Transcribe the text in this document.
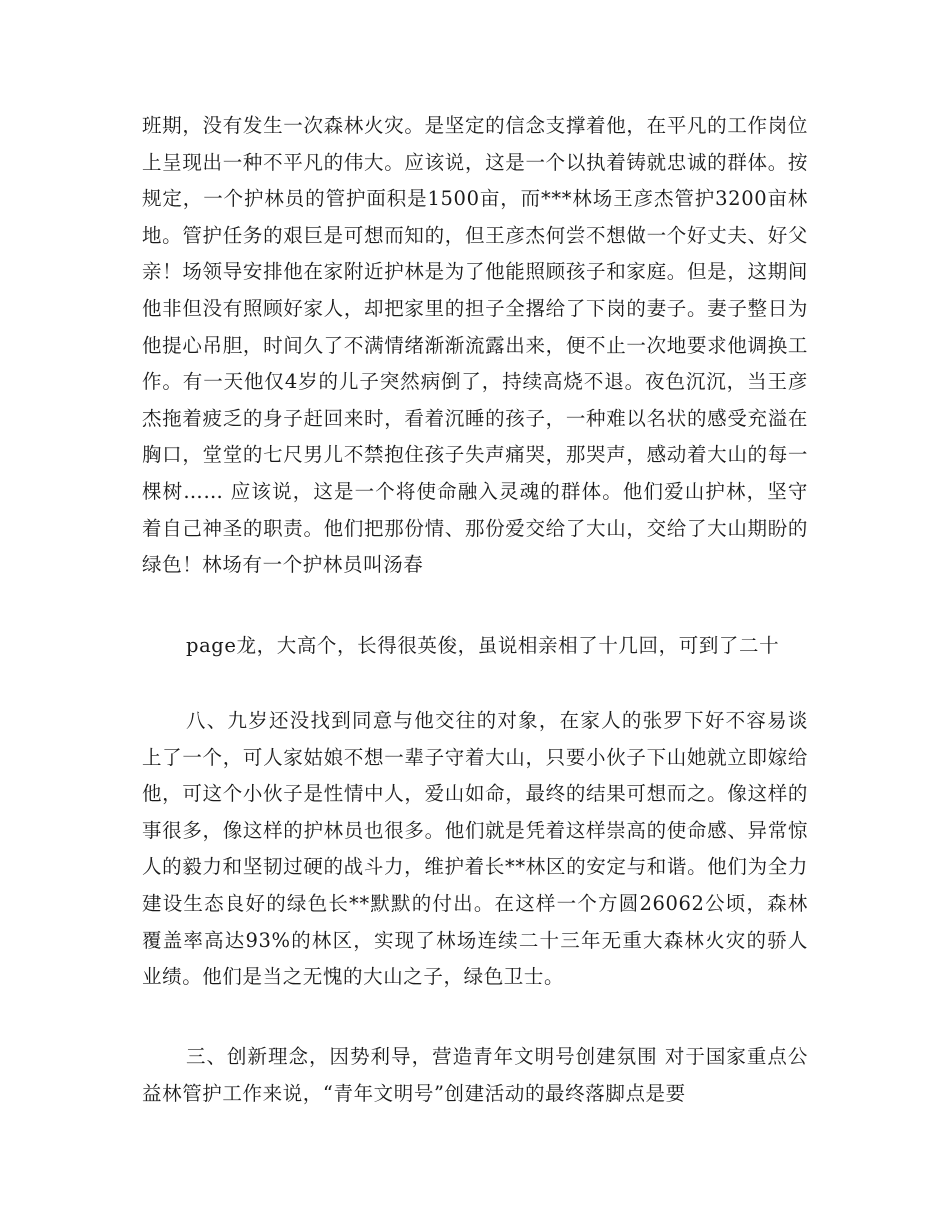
班期，没有发生一次森林火灾。是坚定的信念支撑着他，在平凡的工作岗位上呈现出一种不平凡的伟大。应该说，这是一个以执着铸就忠诚的群体。按规定，一个护林员的管护面积是1500亩，而***林场王彦杰管护3200亩林地。管护任务的艰巨是可想而知的，但王彦杰何尝不想做一个好丈夫、好父亲！场领导安排他在家附近护林是为了他能照顾孩子和家庭。但是，这期间他非但没有照顾好家人，却把家里的担子全撂给了下岗的妻子。妻子整日为他提心吊胆，时间久了不满情绪渐渐流露出来，便不止一次地要求他调换工作。有一天他仅4岁的儿子突然病倒了，持续高烧不退。夜色沉沉，当王彦杰拖着疲乏的身子赶回来时，看着沉睡的孩子，一种难以名状的感受充溢在胸口，堂堂的七尺男儿不禁抱住孩子失声痛哭，那哭声，感动着大山的每一棵树…… 应该说，这是一个将使命融入灵魂的群体。他们爱山护林，坚守着自己神圣的职责。他们把那份情、那份爱交给了大山，交给了大山期盼的绿色！林场有一个护林员叫汤春

page龙，大高个，长得很英俊，虽说相亲相了十几回，可到了二十

八、九岁还没找到同意与他交往的对象，在家人的张罗下好不容易谈上了一个，可人家姑娘不想一辈子守着大山，只要小伙子下山她就立即嫁给他，可这个小伙子是性情中人，爱山如命，最终的结果可想而之。像这样的事很多，像这样的护林员也很多。他们就是凭着这样崇高的使命感、异常惊人的毅力和坚韧过硬的战斗力，维护着长**林区的安定与和谐。他们为全力建设生态良好的绿色长**默默的付出。在这样一个方圆26062公顷，森林覆盖率高达93%的林区，实现了林场连续二十三年无重大森林火灾的骄人业绩。他们是当之无愧的大山之子，绿色卫士。

三、创新理念，因势利导，营造青年文明号创建氛围 对于国家重点公益林管护工作来说，“青年文明号”创建活动的最终落脚点是要
